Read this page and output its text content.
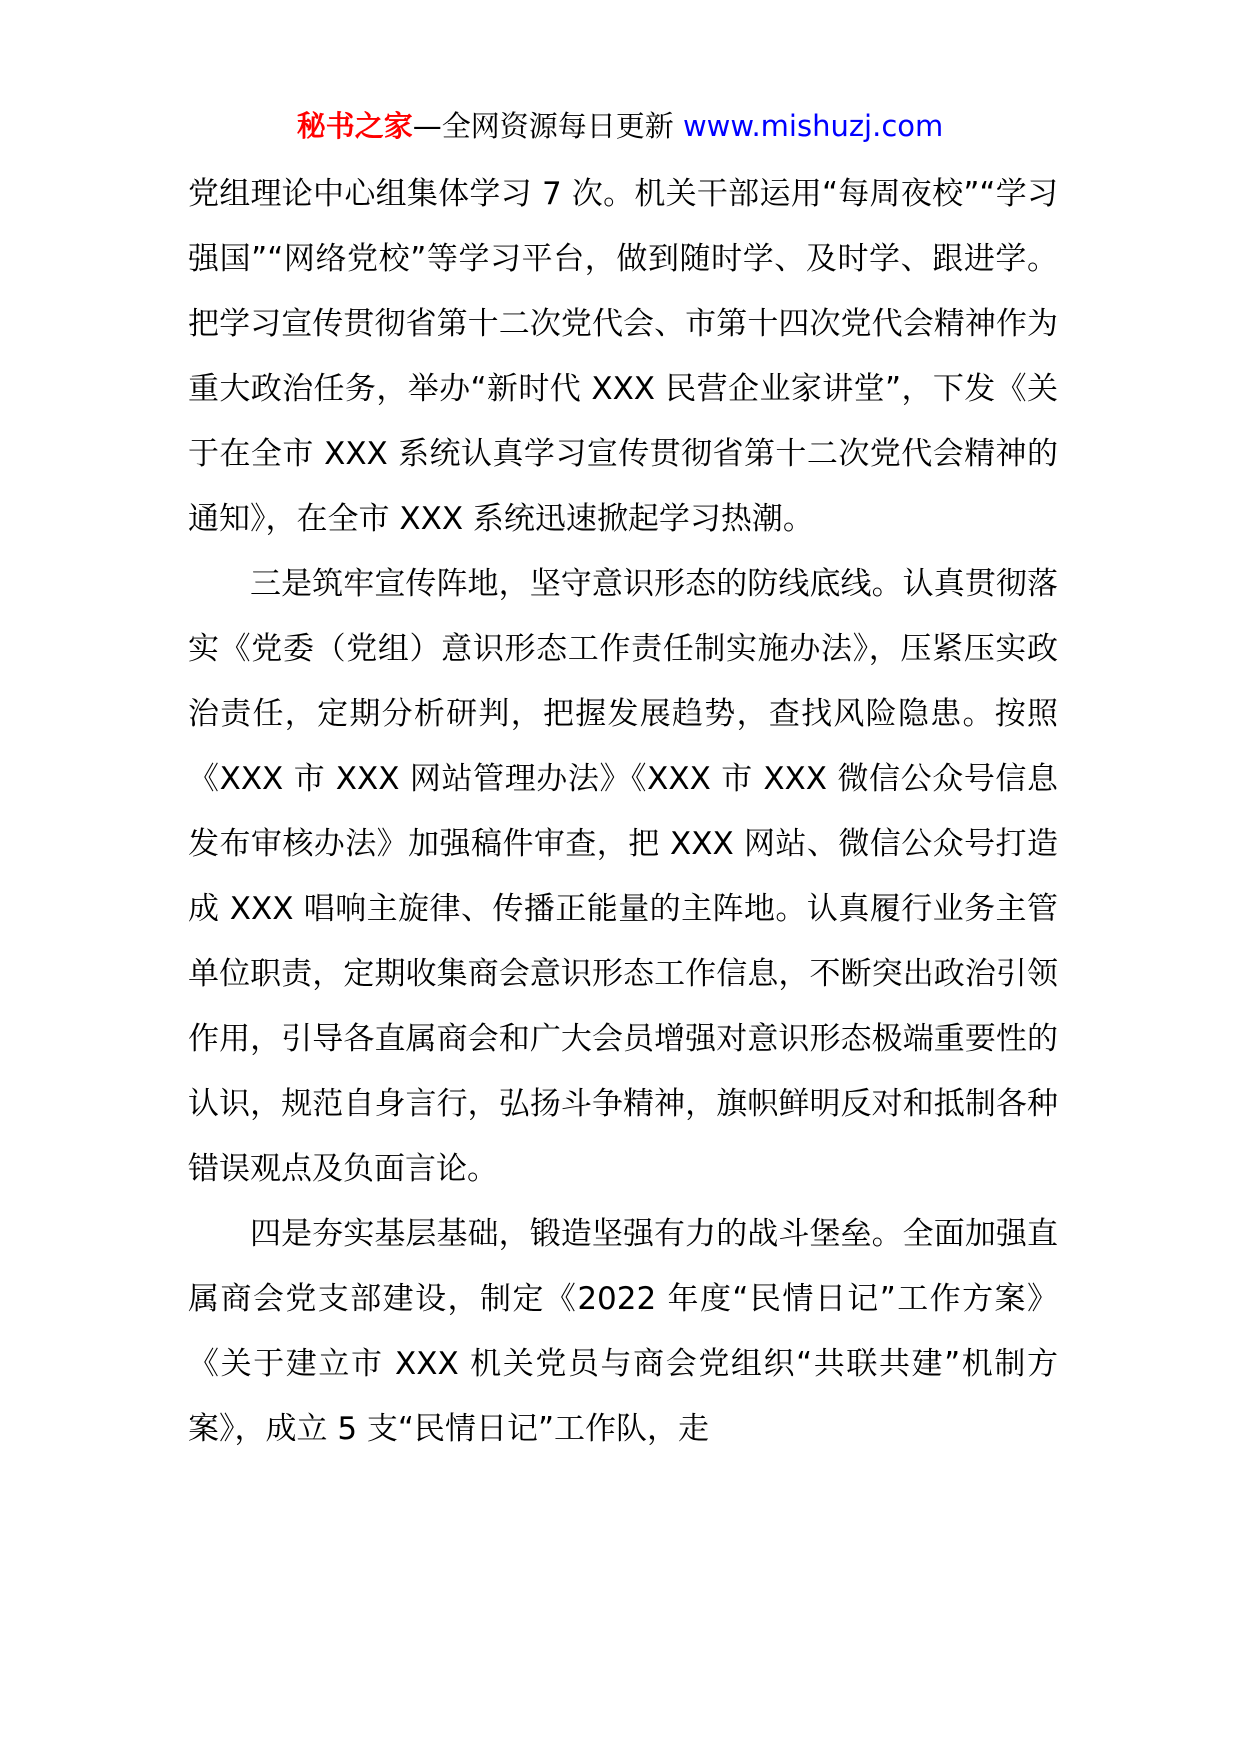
秘书之家—全网资源每日更新 www.mishuzj.com

党组理论中心组集体学习 7 次。机关干部运用“每周夜校”“学习强国”“网络党校”等学习平台，做到随时学、及时学、跟进学。把学习宣传贯彻省第十二次党代会、市第十四次党代会精神作为重大政治任务，举办“新时代 XXX 民营企业家讲堂”，下发《关于在全市 XXX 系统认真学习宣传贯彻省第十二次党代会精神的通知》，在全市 XXX 系统迅速掀起学习热潮。

三是筑牢宣传阵地，坚守意识形态的防线底线。认真贯彻落实《党委（党组）意识形态工作责任制实施办法》，压紧压实政治责任，定期分析研判，把握发展趋势，查找风险隐患。按照《XXX 市 XXX 网站管理办法》《XXX 市 XXX 微信公众号信息发布审核办法》加强稿件审查，把 XXX 网站、微信公众号打造成 XXX 唱响主旋律、传播正能量的主阵地。认真履行业务主管单位职责，定期收集商会意识形态工作信息，不断突出政治引领作用，引导各直属商会和广大会员增强对意识形态极端重要性的认识，规范自身言行，弘扬斗争精神，旗帜鲜明反对和抵制各种错误观点及负面言论。

四是夯实基层基础，锻造坚强有力的战斗堡垒。全面加强直属商会党支部建设，制定《2022 年度“民情日记”工作方案》《关于建立市 XXX 机关党员与商会党组织“共联共建”机制方案》，成立 5 支“民情日记”工作队，走
